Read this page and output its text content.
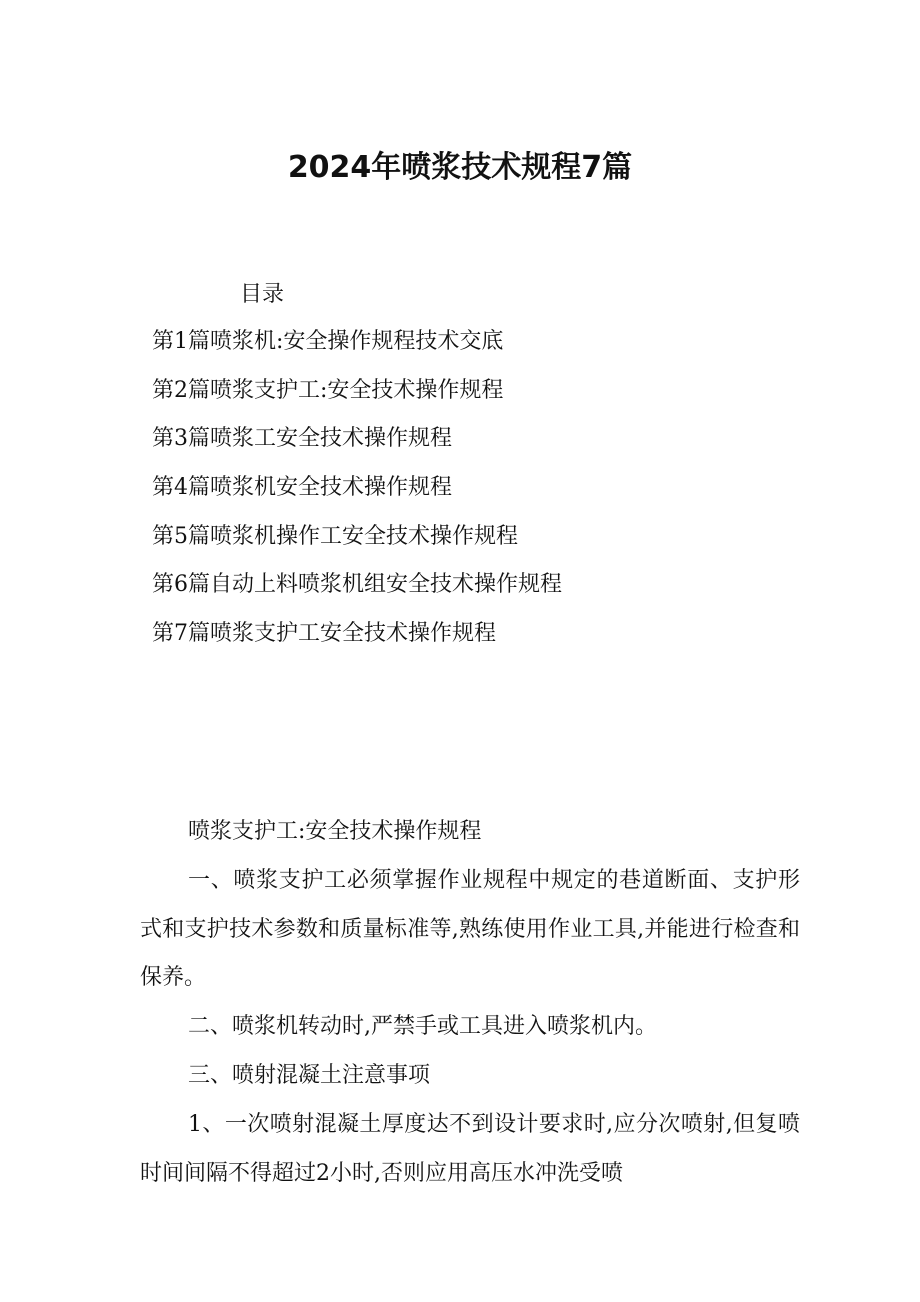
2024年喷浆技术规程7篇
目录
第1篇喷浆机:安全操作规程技术交底
第2篇喷浆支护工:安全技术操作规程
第3篇喷浆工安全技术操作规程
第4篇喷浆机安全技术操作规程
第5篇喷浆机操作工安全技术操作规程
第6篇自动上料喷浆机组安全技术操作规程
第7篇喷浆支护工安全技术操作规程

喷浆支护工:安全技术操作规程

一、喷浆支护工必须掌握作业规程中规定的巷道断面、支护形式和支护技术参数和质量标准等,熟练使用作业工具,并能进行检查和保养。

二、喷浆机转动时,严禁手或工具进入喷浆机内。

三、喷射混凝土注意事项

1、一次喷射混凝土厚度达不到设计要求时,应分次喷射,但复喷时间间隔不得超过2小时,否则应用高压水冲洗受喷
